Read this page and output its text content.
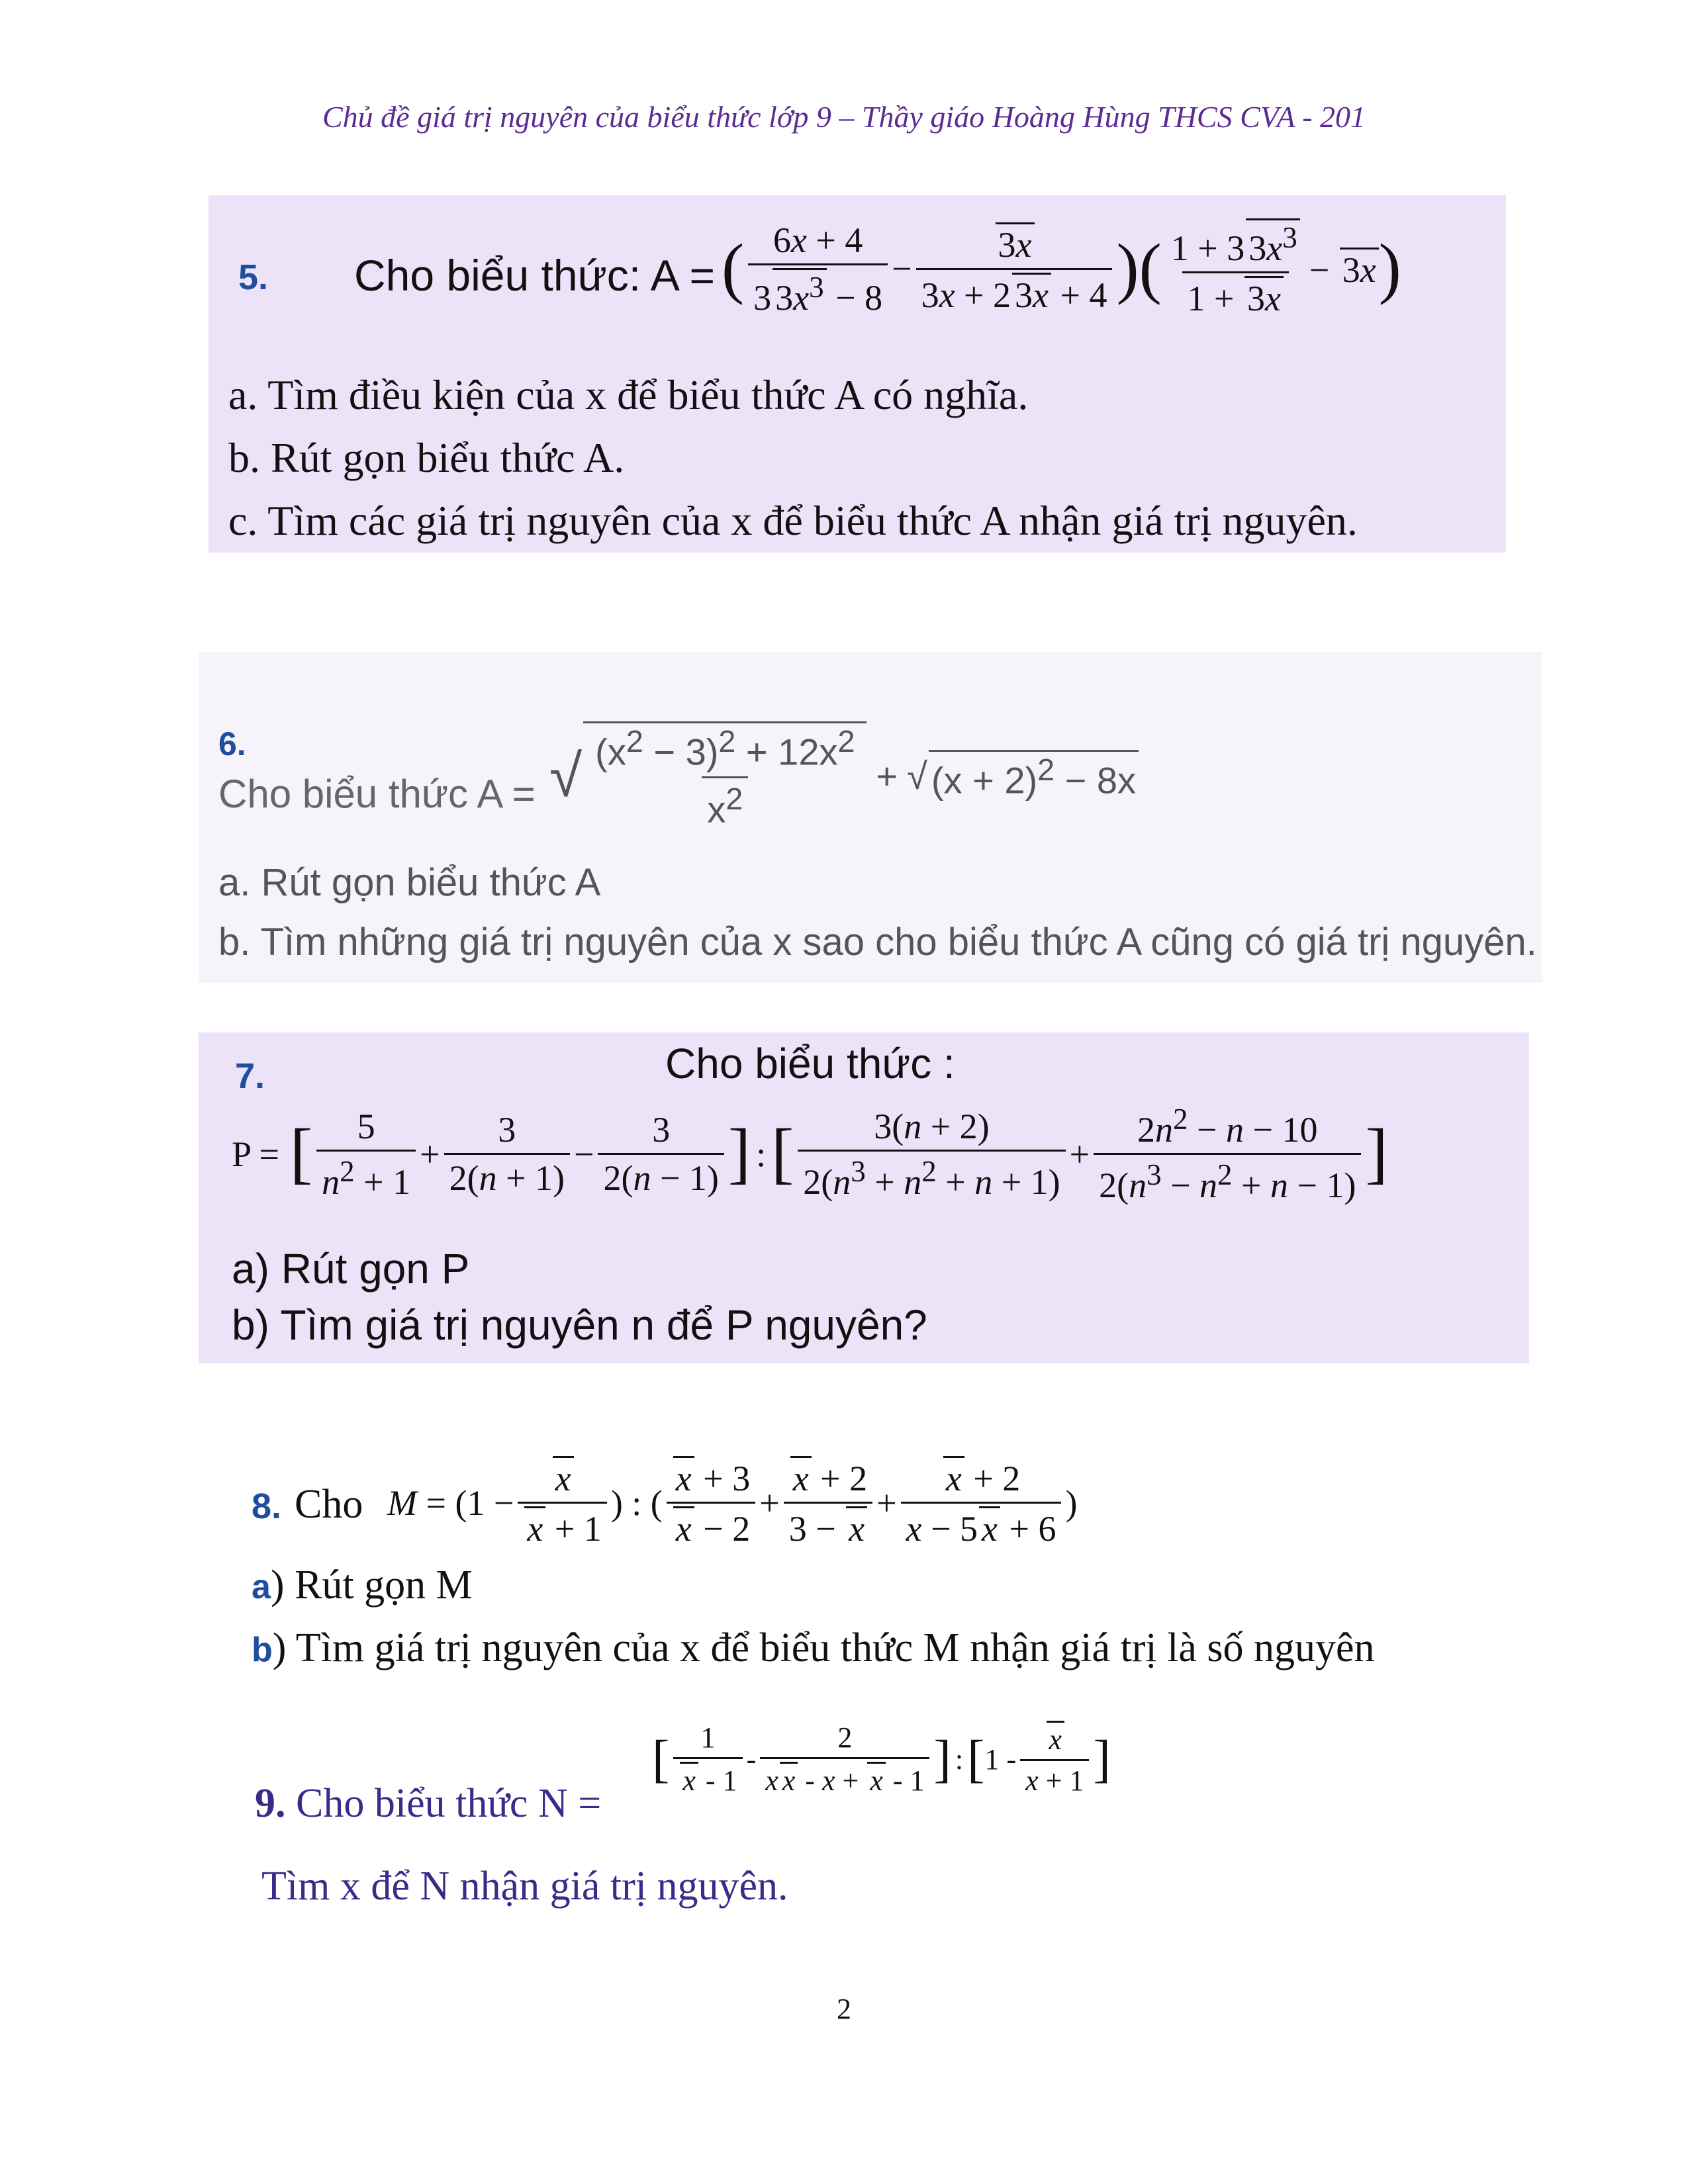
Chủ đề giá trị nguyên của biểu thức lớp 9 – Thầy giáo Hoàng Hùng THCS CVA - 201
5. Cho biểu thức: A = ( $\frac{6x + 4}{3 3x^3 - 8} - \frac{3x}{3x + 2 3x + 4}$ )( $\frac{1 + 3 3x^3}{1 + 3x} - 3x$ )
a. Tìm điều kiện của x để biểu thức A có nghĩa.
b. Rút gọn biểu thức A.
c. Tìm các giá trị nguyên của x để biểu thức A nhận giá trị nguyên.
6.
Cho biểu thức A = √ $\frac{(x^2 - 3)^2 + 12x^2}{x^2}$ + √ $(x + 2)^2 - 8x$
a. Rút gọn biểu thức A
b. Tìm những giá trị nguyên của x sao cho biểu thức A cũng có giá trị nguyên.
7.	Cho biểu thức :
P = [ $\frac{5}{n^2 + 1} + \frac{3}{2(n + 1)} - \frac{3}{2(n - 1)}$ ] : [ $\frac{3(n + 2)}{2(n^3 + n^2 + n + 1)} + \frac{2n^2 - n - 10}{2(n^3 - n^2 + n - 1)}$ ]
a) Rút gọn P
b) Tìm giá trị nguyên n để P nguyên?
8. Cho $M = (1 - \frac{x}{x + 1}$ ) : ( $\frac{x + 3}{x - 2} + \frac{x + 2}{3 - x} + \frac{x + 2}{x - 5 x + 6}$ )
a) Rút gọn M
b) Tìm giá trị nguyên của x để biểu thức M nhận giá trị là số nguyên
9. Cho biểu thức N =
[ $\frac{1}{x - 1} - \frac{2}{\text{x x - x + x - 1}}$ ] : [ $1 - \frac{x}{x + 1}$ ]
Tìm x để N nhận giá trị nguyên.
2
